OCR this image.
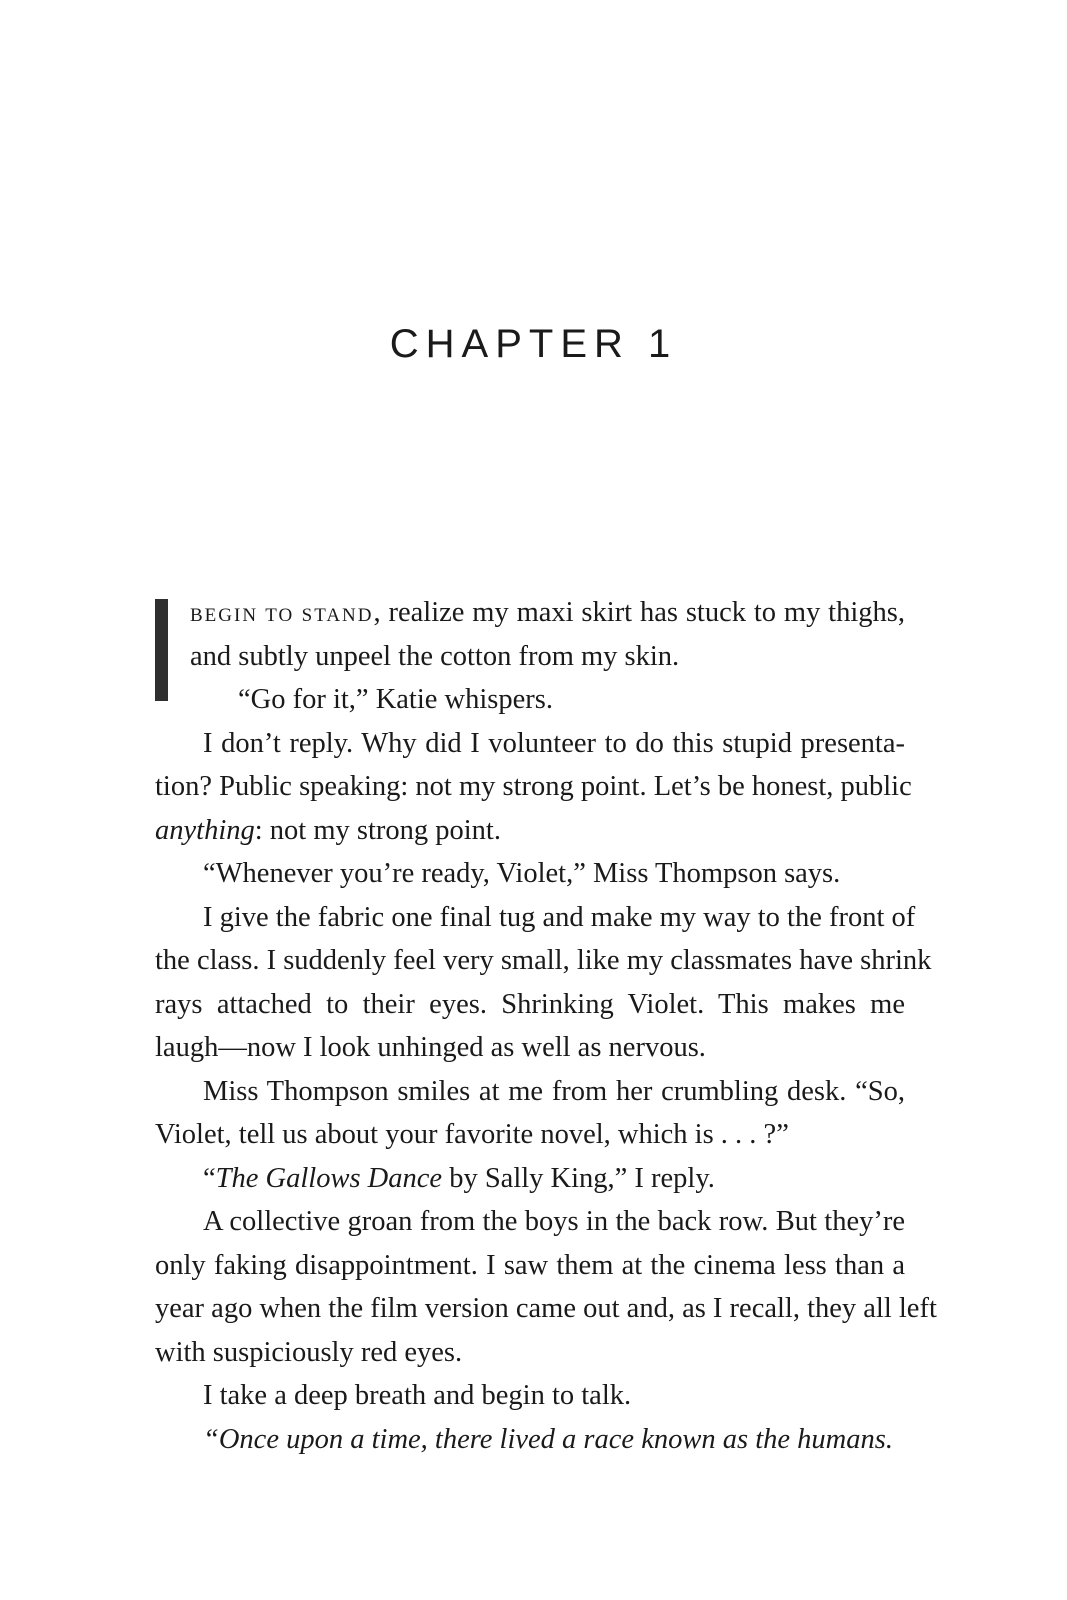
CHAPTER 1
BEGIN TO STAND, realize my maxi skirt has stuck to my thighs,
and subtly unpeel the cotton from my skin.
“Go for it,” Katie whispers.
I don’t reply. Why did I volunteer to do this stupid presenta-
tion? Public speaking: not my strong point. Let’s be honest, public
anything: not my strong point.
“Whenever you’re ready, Violet,” Miss Thompson says.
I give the fabric one final tug and make my way to the front of
the class. I suddenly feel very small, like my classmates have shrink
rays attached to their eyes. Shrinking Violet. This makes me
laugh—now I look unhinged as well as nervous.
Miss Thompson smiles at me from her crumbling desk. “So,
Violet, tell us about your favorite novel, which is . . . ?”
“The Gallows Dance by Sally King,” I reply.
A collective groan from the boys in the back row. But they’re
only faking disappointment. I saw them at the cinema less than a
year ago when the film version came out and, as I recall, they all left
with suspiciously red eyes.
I take a deep breath and begin to talk.
“Once upon a time, there lived a race known as the humans.
